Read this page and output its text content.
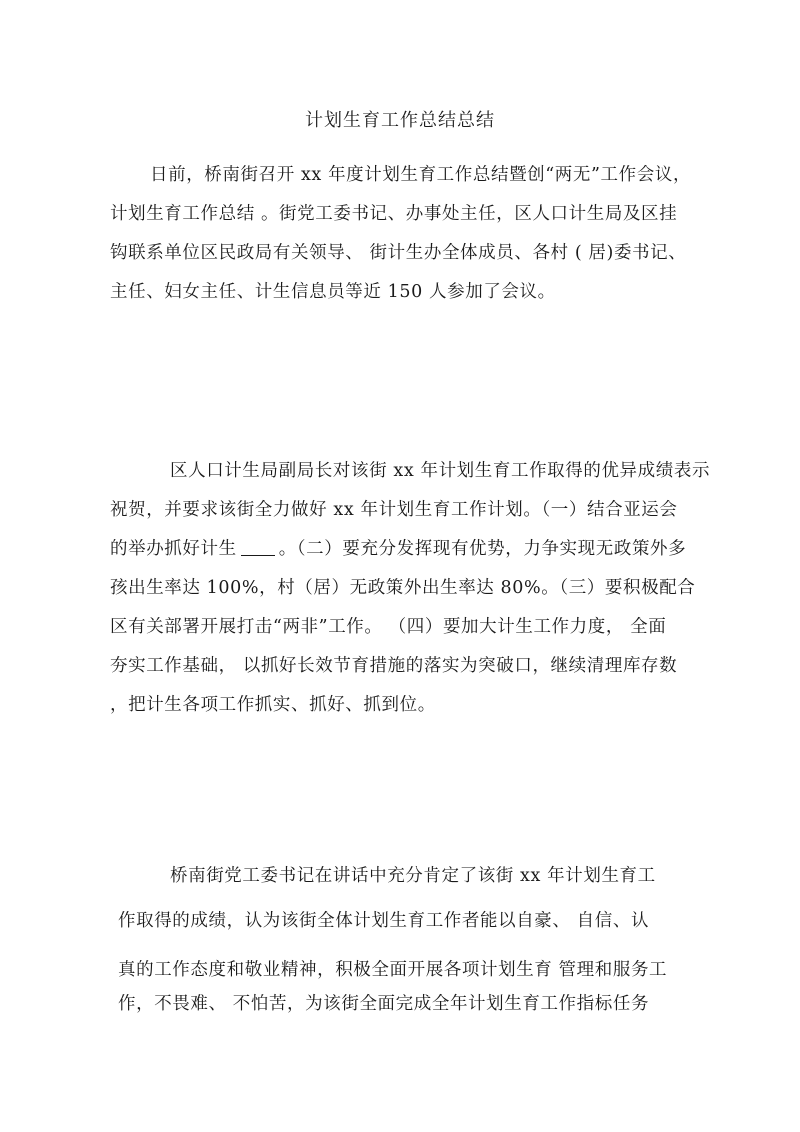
计划生育工作总结总结
日前，桥南街召开 xx 年度计划生育工作总结暨创“两无”工作会议，
计划生育工作总结 。街党工委书记、办事处主任，区人口计生局及区挂
钩联系单位区民政局有关领导、 街计生办全体成员、各村 ( 居)委书记、
主任、妇女主任、计生信息员等近 150 人参加了会议。
区人口计生局副局长对该街 xx 年计划生育工作取得的优异成绩表示
祝贺，并要求该街全力做好 xx 年计划生育工作计划。（一）结合亚运会
的举办抓好计生 。（二）要充分发挥现有优势，力争实现无政策外多
孩出生率达 100%，村（居）无政策外出生率达 80%。（三）要积极配合
区有关部署开展打击“两非”工作。 （四）要加大计生工作力度， 全面
夯实工作基础， 以抓好长效节育措施的落实为突破口，继续清理库存数
，把计生各项工作抓实、抓好、抓到位。
桥南街党工委书记在讲话中充分肯定了该街 xx 年计划生育工
作取得的成绩，认为该街全体计划生育工作者能以自豪、 自信、认
真的工作态度和敬业精神，积极全面开展各项计划生育 管理和服务工
作，不畏难、 不怕苦，为该街全面完成全年计划生育工作指标任务
